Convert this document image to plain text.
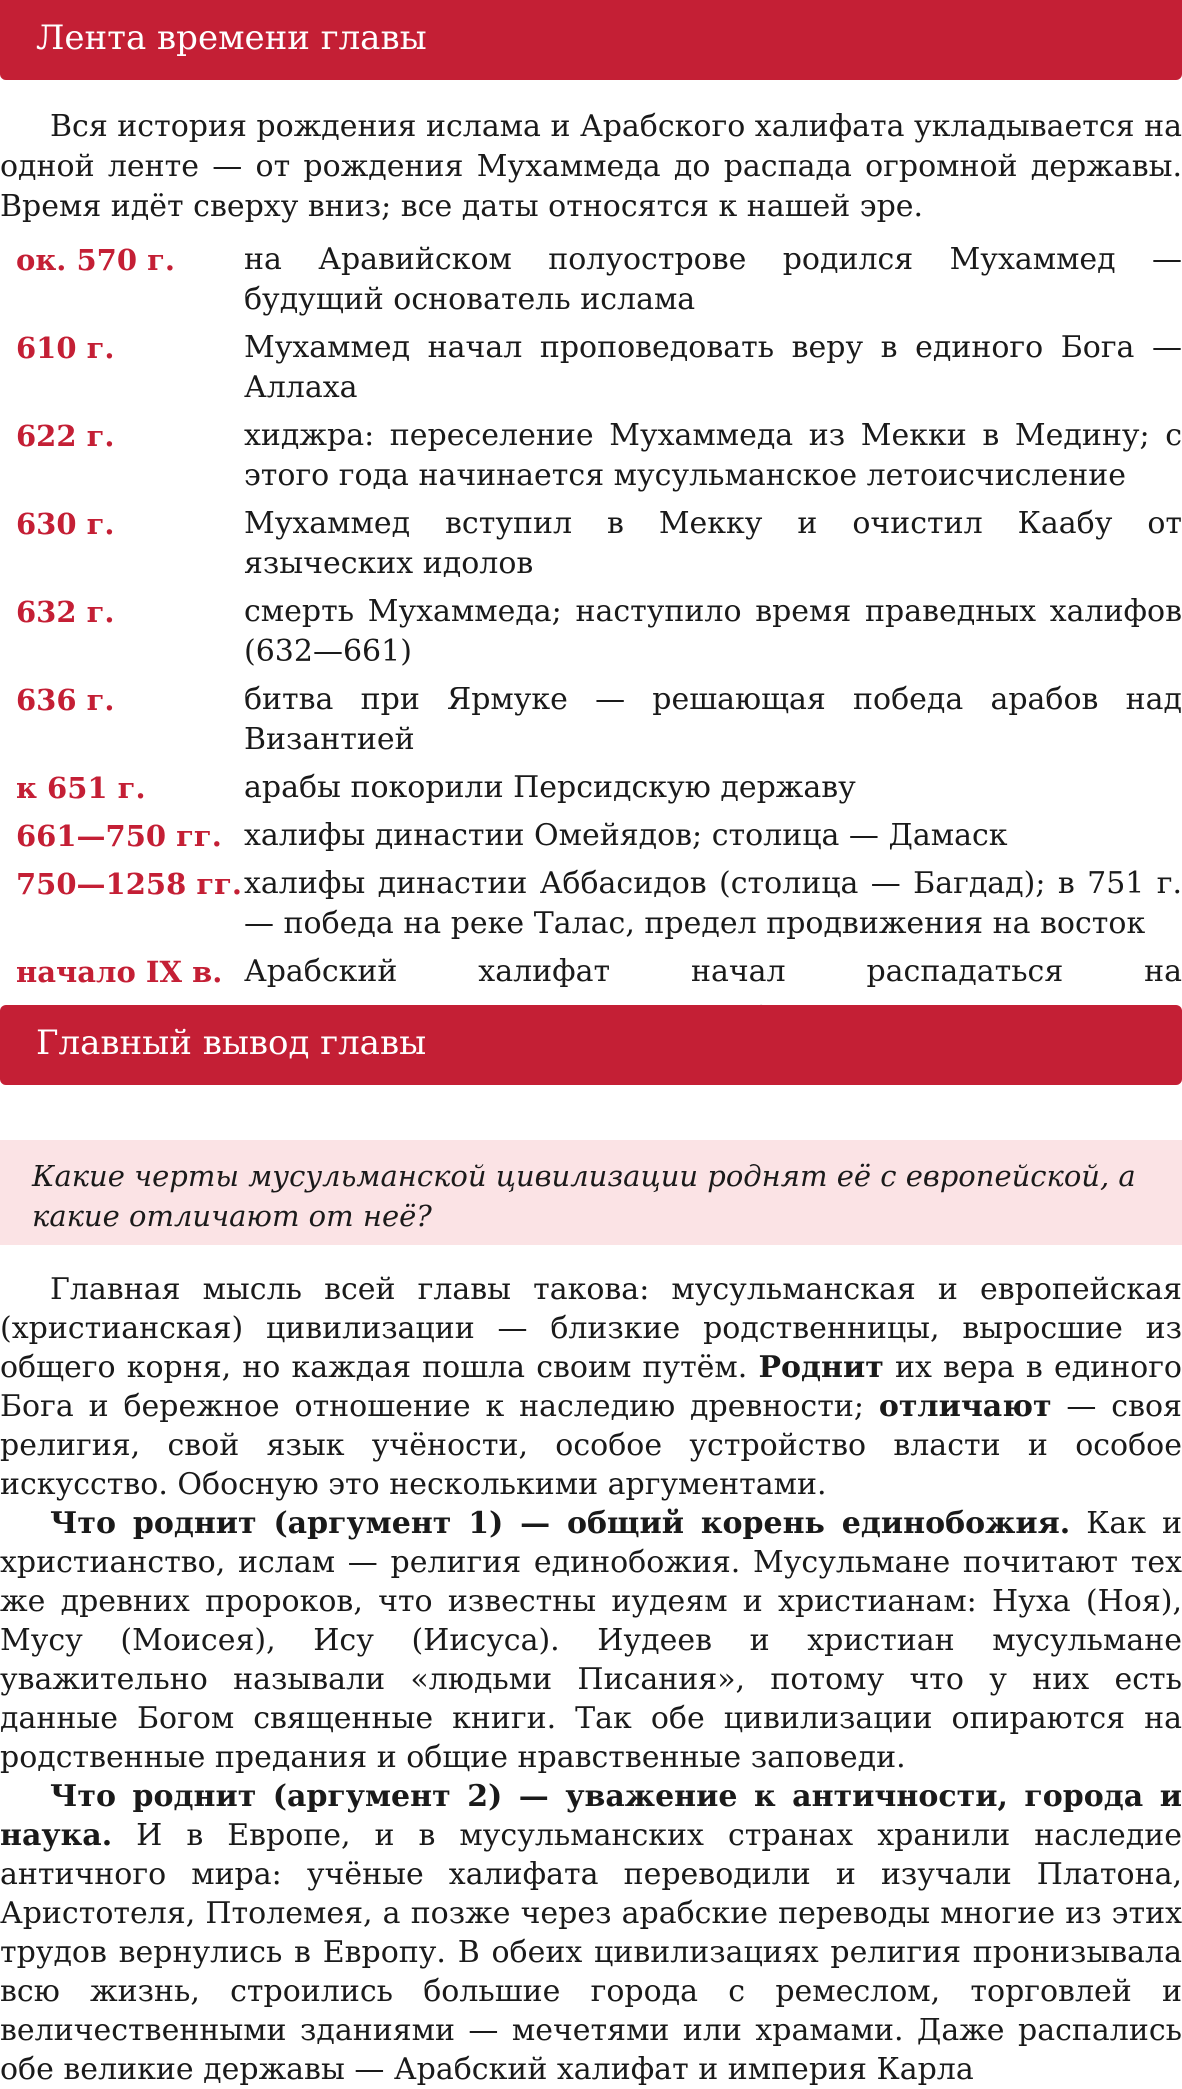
Лента времени главы

Вся история рождения ислама и Арабского халифата укладывается на одной ленте — от рождения Мухаммеда до распада огромной державы. Время идёт сверху вниз; все даты относятся к нашей эре.

ок. 570 г.	на Аравийском полуострове родился Мухаммед — будущий основатель ислама
610 г.	Мухаммед начал проповедовать веру в единого Бога — Аллаха
622 г.	хиджра: переселение Мухаммеда из Мекки в Медину; с этого года начинается мусульманское летоисчисление
630 г.	Мухаммед вступил в Мекку и очистил Каабу от языческих идолов
632 г.	смерть Мухаммеда; наступило время праведных халифов (632—661)
636 г.	битва при Ярмуке — решающая победа арабов над Византией
к 651 г.	арабы покорили Персидскую державу
661—750 гг. халифы династии Омейядов; столица — Дамаск
750—1258 гг. халифы династии Аббасидов (столица — Багдад); в 751 г. — победа на реке Талас, предел продвижения на восток
начало IX в. Арабский халифат начал распадаться на
Главный вывод главы
Какие черты мусульманской цивилизации роднят её с европейской, а какие отличают от неё?

Главная мысль всей главы такова: мусульманская и европейская (христианская) цивилизации — близкие родственницы, выросшие из общего корня, но каждая пошла своим путём. Роднит их вера в единого Бога и бережное отношение к наследию древности; отличают — своя религия, свой язык учёности, особое устройство власти и особое искусство. Обосную это несколькими аргументами.

Что роднит (аргумент 1) — общий корень единобожия. Как и христианство, ислам — религия единобожия. Мусульмане почитают тех же древних пророков, что известны иудеям и христианам: Нуха (Ноя), Мусу (Моисея), Ису (Иисуса). Иудеев и христиан мусульмане уважительно называли «людьми Писания», потому что у них есть данные Богом священные книги. Так обе цивилизации опираются на родственные предания и общие нравственные заповеди.

Что роднит (аргумент 2) — уважение к античности, города и наука. И в Европе, и в мусульманских странах хранили наследие античного мира: учёные халифата переводили и изучали Платона, Аристотеля, Птолемея, а позже через арабские переводы многие из этих трудов вернулись в Европу. В обеих цивилизациях религия пронизывала всю жизнь, строились большие города с ремеслом, торговлей и величественными зданиями — мечетями или храмами. Даже распались обе великие державы — Арабский халифат и империя Карла
